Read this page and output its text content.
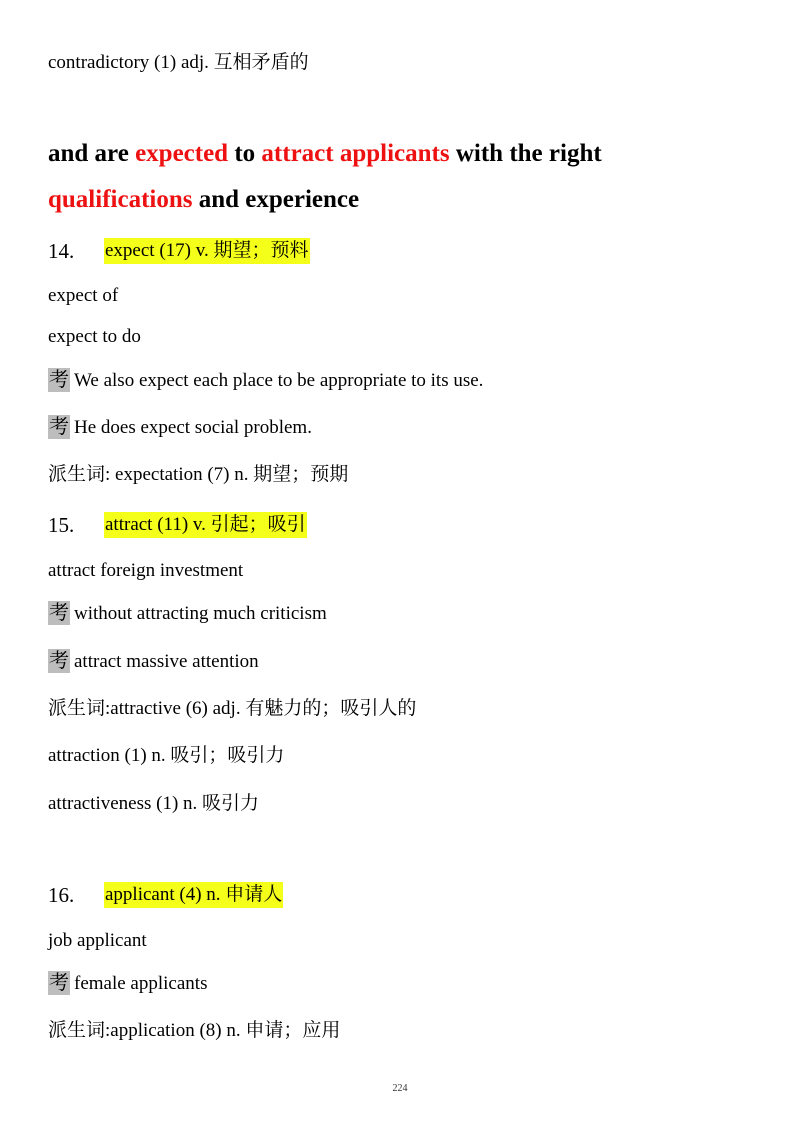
contradictory (1) adj. 互相矛盾的
and are expected to attract applicants with the right
qualifications and experience
14. expect (17) v. 期望；预料
expect of
expect to do
考 We also expect each place to be appropriate to its use.
考 He does expect social problem.
派生词: expectation (7) n. 期望；预期
15. attract (11) v. 引起；吸引
attract foreign investment
考 without attracting much criticism
考 attract massive attention
派生词:attractive (6) adj. 有魅力的；吸引人的
attraction (1) n. 吸引；吸引力
attractiveness (1) n. 吸引力
16. applicant (4) n. 申请人
job applicant
考 female applicants
派生词:application (8) n. 申请；应用
224
